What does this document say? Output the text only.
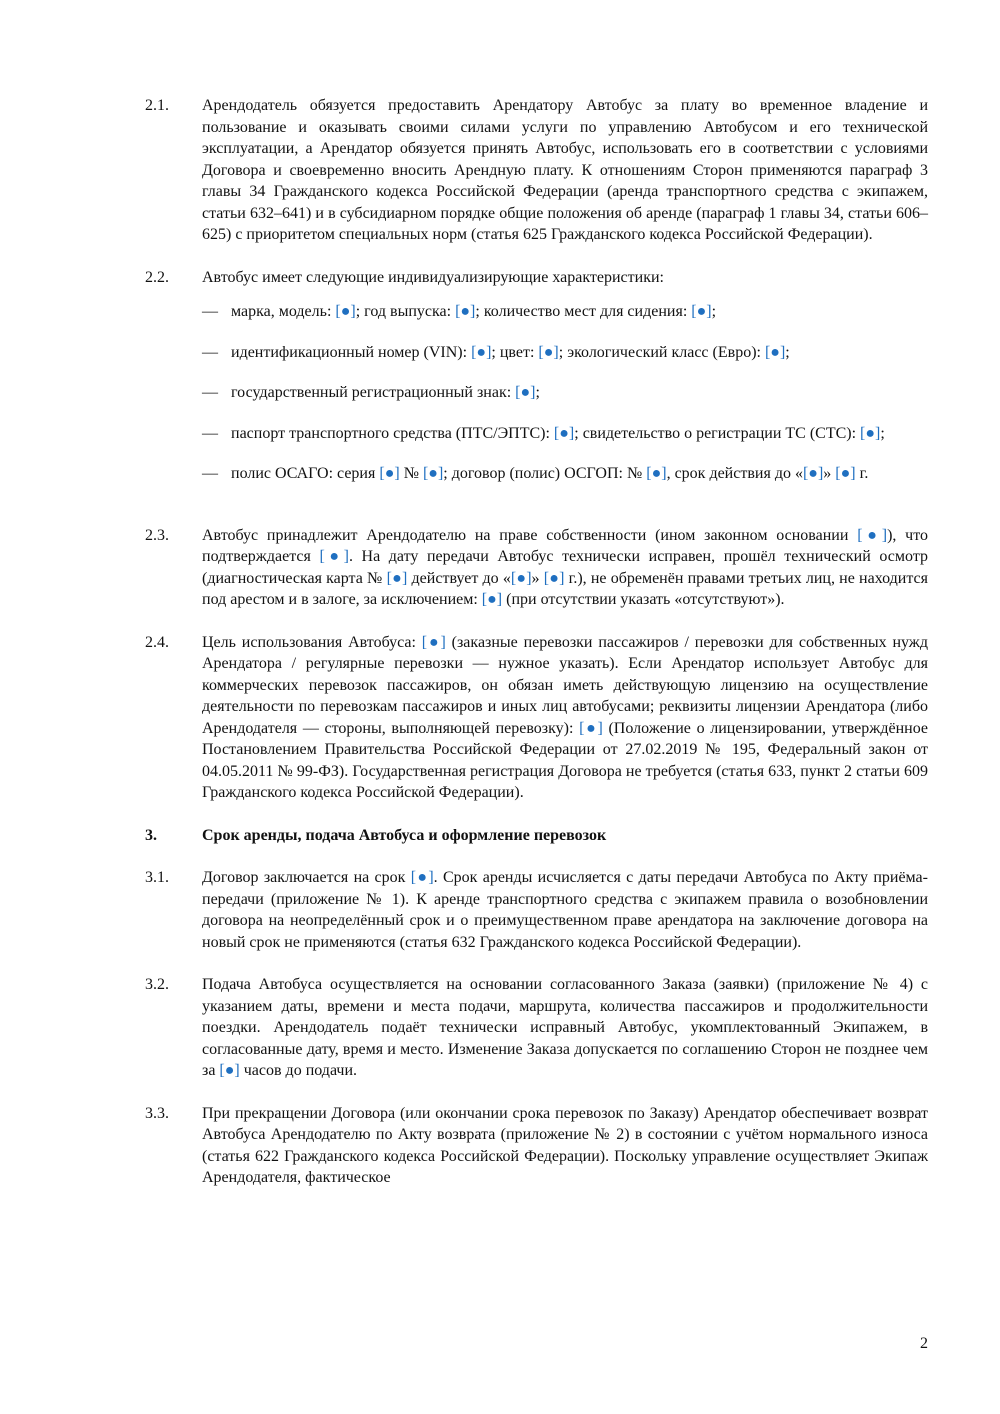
2.1.	Арендодатель обязуется предоставить Арендатору Автобус за плату во временное владение и пользование и оказывать своими силами услуги по управлению Автобусом и его технической эксплуатации, а Арендатор обязуется принять Автобус, использовать его в соответствии с условиями Договора и своевременно вносить Арендную плату. К отношениям Сторон применяются параграф 3 главы 34 Гражданского кодекса Российской Федерации (аренда транспортного средства с экипажем, статьи 632–641) и в субсидиарном порядке общие положения об аренде (параграф 1 главы 34, статьи 606–625) с приоритетом специальных норм (статья 625 Гражданского кодекса Российской Федерации).
2.2.	Автобус имеет следующие индивидуализирующие характеристики:
— марка, модель: [●]; год выпуска: [●]; количество мест для сидения: [●];
— идентификационный номер (VIN): [●]; цвет: [●]; экологический класс (Евро): [●];
— государственный регистрационный знак: [●];
— паспорт транспортного средства (ПТС/ЭПТС): [●]; свидетельство о регистрации ТС (СТС): [●];
— полис ОСАГО: серия [●] № [●]; договор (полис) ОСГОП: № [●], срок действия до «[●]» [●] г.
2.3.	Автобус принадлежит Арендодателю на праве собственности (ином законном основании [●]), что подтверждается [●]. На дату передачи Автобус технически исправен, прошёл технический осмотр (диагностическая карта № [●] действует до «[●]» [●] г.), не обременён правами третьих лиц, не находится под арестом и в залоге, за исключением: [●] (при отсутствии указать «отсутствуют»).
2.4.	Цель использования Автобуса: [●] (заказные перевозки пассажиров / перевозки для собственных нужд Арендатора / регулярные перевозки — нужное указать). Если Арендатор использует Автобус для коммерческих перевозок пассажиров, он обязан иметь действующую лицензию на осуществление деятельности по перевозкам пассажиров и иных лиц автобусами; реквизиты лицензии Арендатора (либо Арендодателя — стороны, выполняющей перевозку): [●] (Положение о лицензировании, утверждённое Постановлением Правительства Российской Федерации от 27.02.2019 № 195, Федеральный закон от 04.05.2011 № 99-ФЗ). Государственная регистрация Договора не требуется (статья 633, пункт 2 статьи 609 Гражданского кодекса Российской Федерации).
3.	Срок аренды, подача Автобуса и оформление перевозок
3.1.	Договор заключается на срок [●]. Срок аренды исчисляется с даты передачи Автобуса по Акту приёма-передачи (приложение № 1). К аренде транспортного средства с экипажем правила о возобновлении договора на неопределённый срок и о преимущественном праве арендатора на заключение договора на новый срок не применяются (статья 632 Гражданского кодекса Российской Федерации).
3.2.	Подача Автобуса осуществляется на основании согласованного Заказа (заявки) (приложение № 4) с указанием даты, времени и места подачи, маршрута, количества пассажиров и продолжительности поездки. Арендодатель подаёт технически исправный Автобус, укомплектованный Экипажем, в согласованные дату, время и место. Изменение Заказа допускается по соглашению Сторон не позднее чем за [●] часов до подачи.
3.3.	При прекращении Договора (или окончании срока перевозок по Заказу) Арендатор обеспечивает возврат Автобуса Арендодателю по Акту возврата (приложение № 2) в состоянии с учётом нормального износа (статья 622 Гражданского кодекса Российской Федерации). Поскольку управление осуществляет Экипаж Арендодателя, фактическое
2
